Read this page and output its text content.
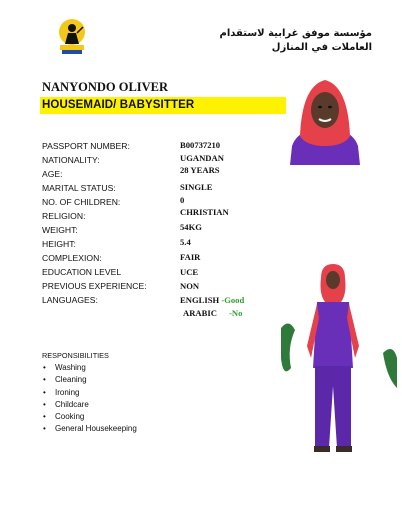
مؤسسة موفق غرابية لاستقدام العاملات في المنازل
NANYONDO OLIVER
HOUSEMAID/ BABYSITTER
PASSPORT NUMBER:
NATIONALITY:
AGE:
MARITAL STATUS:
NO. OF CHILDREN:
RELIGION:
WEIGHT:
HEIGHT:
COMPLEXION:
EDUCATION LEVEL
PREVIOUS EXPERIENCE:
LANGUAGES:
B00737210
UGANDAN
28 YEARS
SINGLE
0
CHRISTIAN
54KG
5.4
FAIR
UCE
NON
ENGLISH -Good
ARABIC -No
RESPONSIBILITIES
• Washing
• Cleaning
• Ironing
• Childcare
• Cooking
• General Housekeeping
